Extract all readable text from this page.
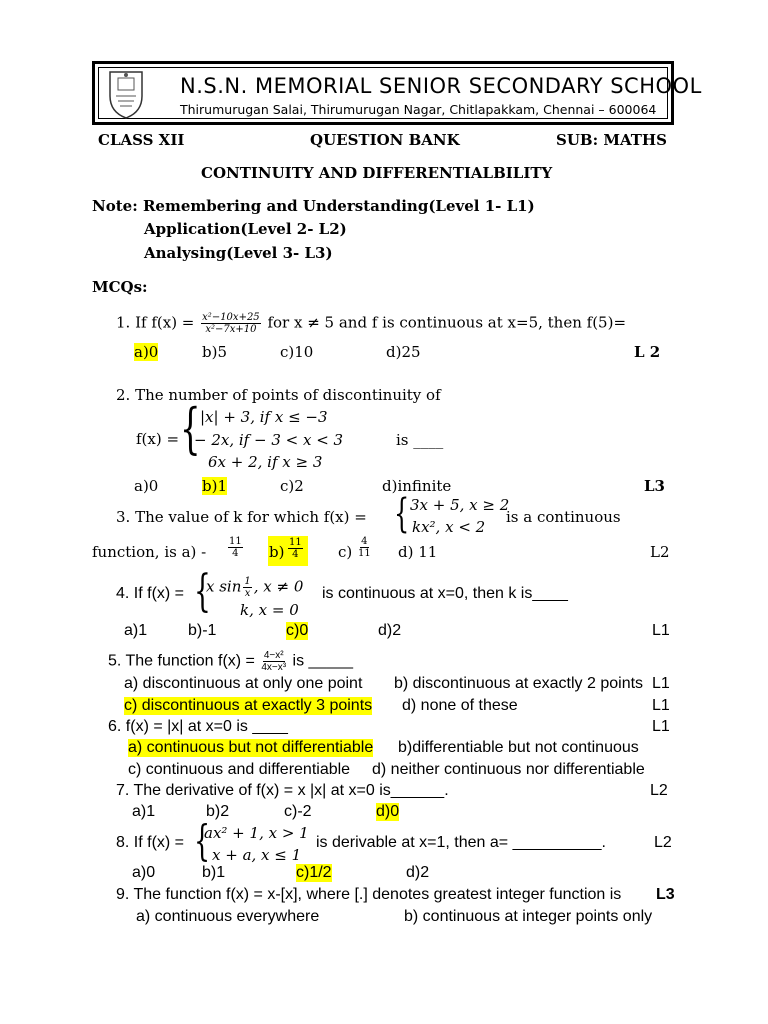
N.S.N. MEMORIAL SENIOR SECONDARY SCHOOL
Thirumurugan Salai, Thirumurugan Nagar, Chitlapakkam, Chennai – 600064
CLASS XII	QUESTION BANK	SUB: MATHS
CONTINUITY AND DIFFERENTIALBILITY
Note: Remembering and Understanding(Level 1- L1)
Application(Level 2- L2)
Analysing(Level 3- L3)
MCQs:
1. If $f(x) = \frac{\text{x²−10x+25}}{\text{x²−7x+10}}$ for x ≠ 5 and f is continuous at x=5, then f(5)=
a)0	b)5	c)10	d)25	L 2
2. The number of points of discontinuity of
f(x) = { |x| + 3, if x ≤ −3
− 2x, if − 3 < x < 3
6x + 2, if x ≥ 3
is ____
a)0	b)1	c)2	d)infinite	L3
3. The value of k for which f(x) = { 3x + 5, x ≥ 2
kx², x < 2
is a continuous
function, is $a) - \frac{11}{4} b) \frac{11}{4} c) \frac{4}{11} d$) 11	L2
4. If f(x) = {
x $\sin \frac{1}{x}$ , x ≠ 0
k, x = 0
is continuous at x=0, then k is____
a)1	b)-1	c)0	d)2	L1
5. The function $f(x) = \frac{\text{4−x²}}{\text{4x−x³}}$ is _____
a) discontinuous at only one point b) discontinuous at exactly 2 points L1
c) discontinuous at exactly 3 points d) none of these	L1
6. f(x) = |x| at x=0 is ____	L1
a) continuous but not differentiable b)differentiable but not continuous
c) continuous and differentiable d) neither continuous nor differentiable
7. The derivative of f(x) = x |x| at x=0 is______.	L2
a)1	b)2	c)-2	d)0
8. If f(x) = {
ax² + 1, x > 1
x + a, x ≤ 1
is derivable at x=1, then a= __________.	L2
a)0	b)1	c)1/2	d)2
9. The function f(x) = x-[x], where [.] denotes greatest integer function is L3
a) continuous everywhere	b) continuous at integer points only
